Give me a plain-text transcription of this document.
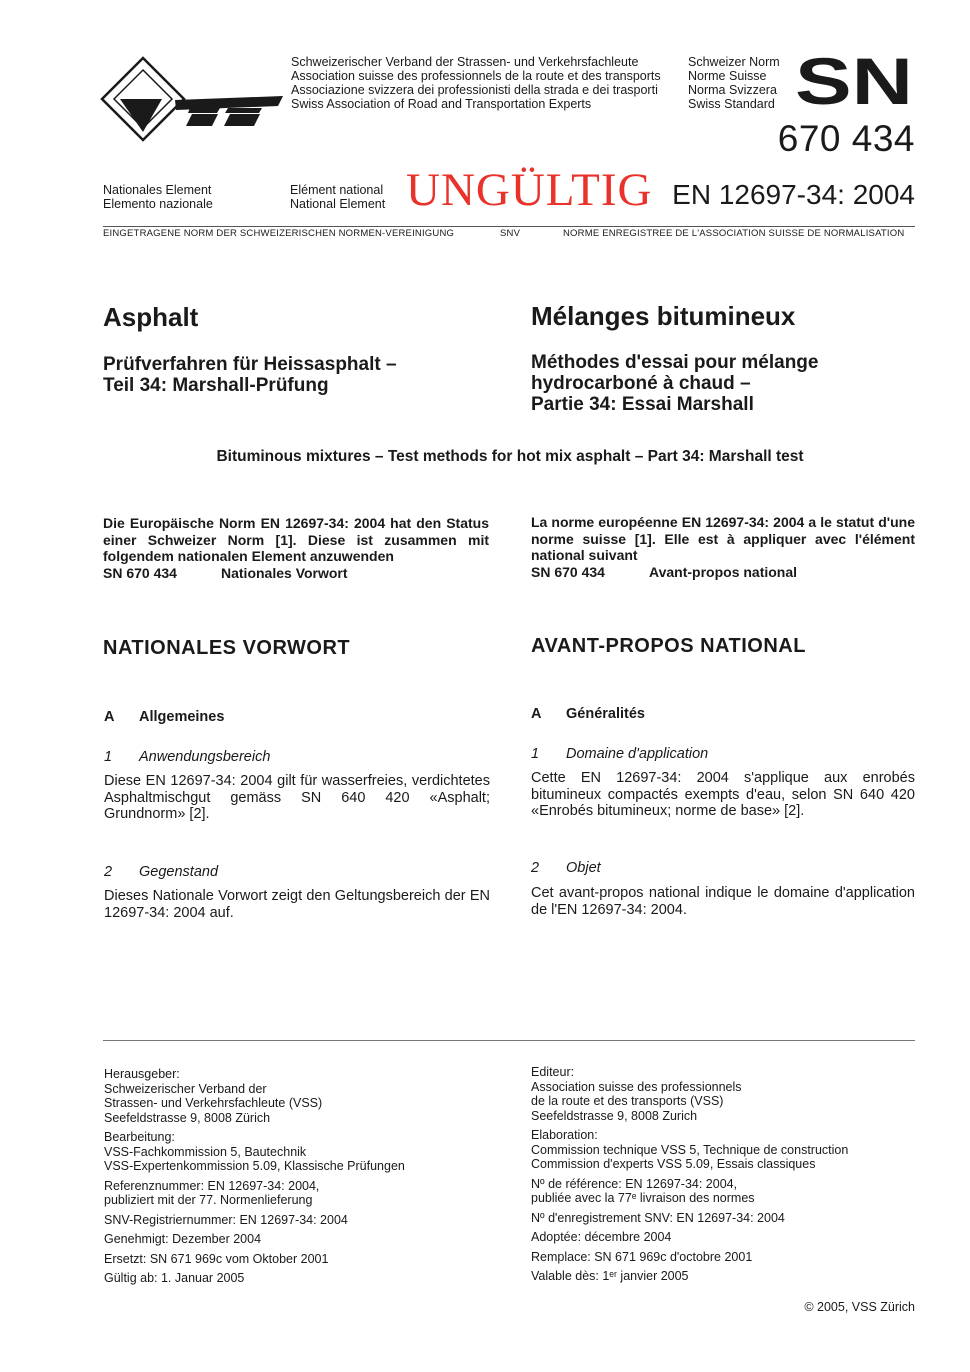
Schweizerischer Verband der Strassen- und Verkehrsfachleute
Association suisse des professionnels de la route et des transports
Associazione svizzera dei professionisti della strada e dei trasporti
Swiss Association of Road and Transportation Experts
Schweizer Norm
Norme Suisse
Norma Svizzera
Swiss Standard SN
670 434
Nationales Element
Elemento nazionale
Elément national
National Element UNGÜLTIG EN 12697-34: 2004
EINGETRAGENE NORM DER SCHWEIZERISCHEN NORMEN-VEREINIGUNG	SNV	NORME ENREGISTREE DE L'ASSOCIATION SUISSE DE NORMALISATION
Asphalt
Prüfverfahren für Heissasphalt –
Teil 34: Marshall-Prüfung
Mélanges bitumineux
Méthodes d'essai pour mélange
hydrocarboné à chaud –
Partie 34: Essai Marshall
Bituminous mixtures – Test methods for hot mix asphalt – Part 34: Marshall test
Die Europäische Norm EN 12697-34: 2004 hat den Status einer Schweizer Norm [1]. Diese ist zusammen mit folgendem nationalen Element anzuwenden
SN 670 434	Nationales Vorwort
La norme européenne EN 12697-34: 2004 a le statut d'une norme suisse [1]. Elle est à appliquer avec l'élément national suivant
SN 670 434	Avant-propos national
NATIONALES VORWORT	AVANT-PROPOS NATIONAL
A Allgemeines	A Généralités
1 Anwendungsbereich
Diese EN 12697-34: 2004 gilt für wasserfreies, verdichtetes Asphaltmischgut gemäss SN 640 420 «Asphalt; Grundnorm» [2].
1 Domaine d'application
Cette EN 12697-34: 2004 s'applique aux enrobés bitumineux compactés exempts d'eau, selon SN 640 420 «Enrobés bitumineux; norme de base» [2].
2 Gegenstand
Dieses Nationale Vorwort zeigt den Geltungsbereich der EN 12697-34: 2004 auf.
2 Objet
Cet avant-propos national indique le domaine d'application de l'EN 12697-34: 2004.
Herausgeber:
Schweizerischer Verband der
Strassen- und Verkehrsfachleute (VSS)
Seefeldstrasse 9, 8008 Zürich
Bearbeitung:
VSS-Fachkommission 5, Bautechnik
VSS-Expertenkommission 5.09, Klassische Prüfungen
Referenznummer: EN 12697-34: 2004,
publiziert mit der 77. Normenlieferung
SNV-Registriernummer: EN 12697-34: 2004
Genehmigt: Dezember 2004
Ersetzt: SN 671 969c vom Oktober 2001
Gültig ab: 1. Januar 2005
Editeur:
Association suisse des professionnels
de la route et des transports (VSS)
Seefeldstrasse 9, 8008 Zurich
Elaboration:
Commission technique VSS 5, Technique de construction
Commission d'experts VSS 5.09, Essais classiques
Nº de référence: EN 12697-34: 2004,
publiée avec la 77ᵉ livraison des normes
Nº d'enregistrement SNV: EN 12697-34: 2004
Adoptée: décembre 2004
Remplace: SN 671 969c d'octobre 2001
Valable dès: 1ᵉʳ janvier 2005
© 2005, VSS Zürich
